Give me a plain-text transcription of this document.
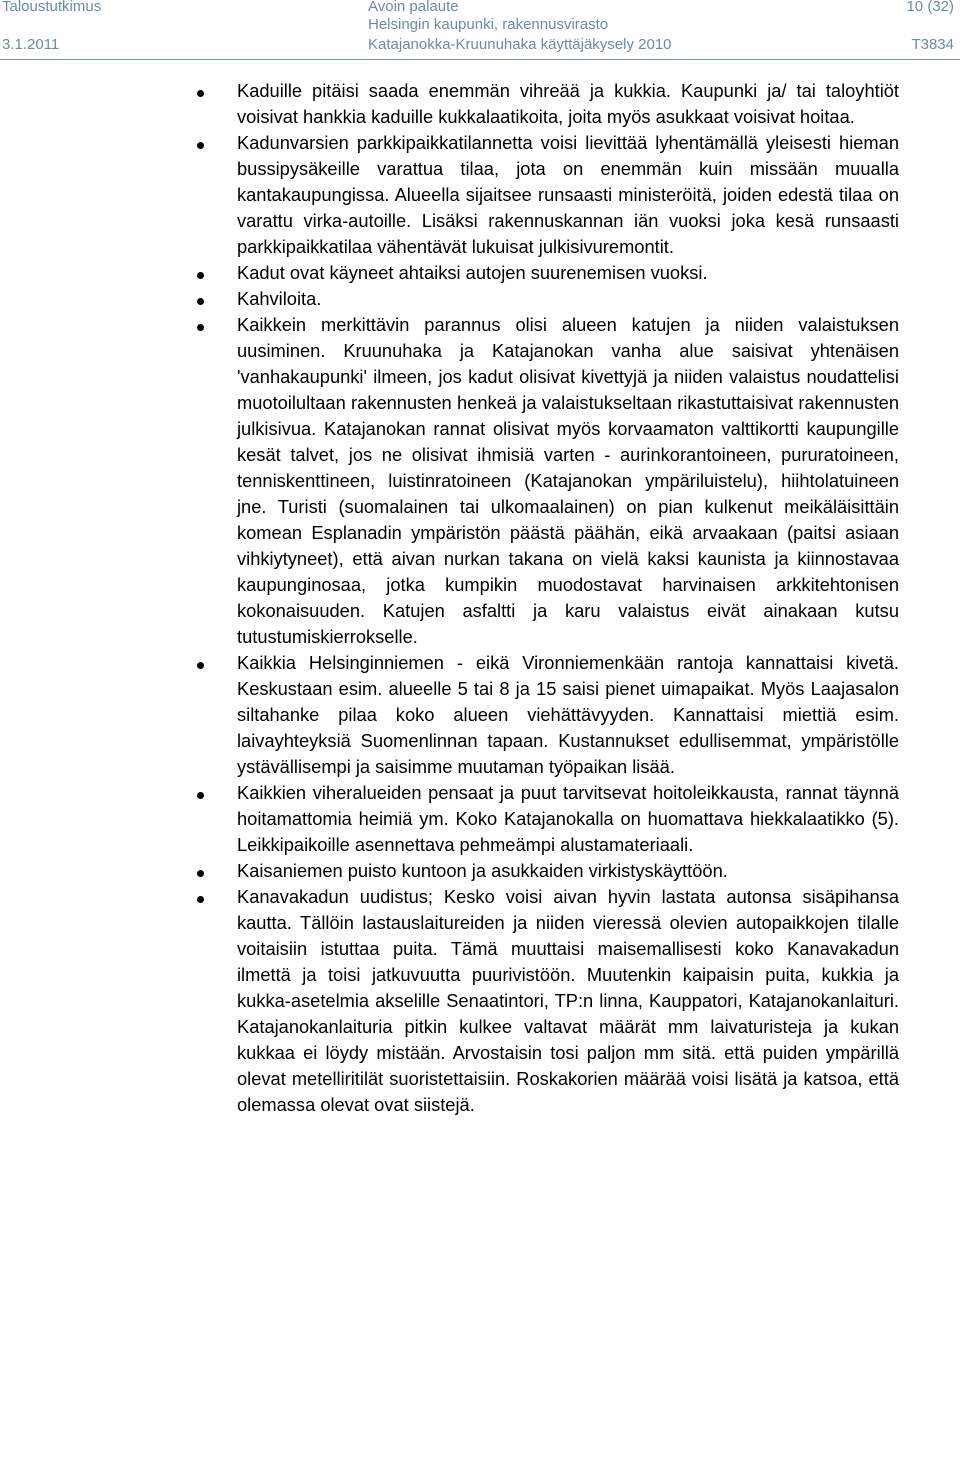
Taloustutkimus	Avoin palaute	10 (32)
Helsingin kaupunki, rakennusvirasto
3.1.2011	Katajanokka-Kruunuhaka käyttäjäkysely 2010	T3834
Kaduille pitäisi saada enemmän vihreää ja kukkia. Kaupunki ja/ tai taloyhtiöt voisivat hankkia kaduille kukkalaatikoita, joita myös asukkaat voisivat hoitaa.
Kadunvarsien parkkipaikkatilannetta voisi lievittää lyhentämällä yleisesti hieman bussipysäkeille varattua tilaa, jota on enemmän kuin missään muualla kantakaupungissa. Alueella sijaitsee runsaasti ministeröitä, joiden edestä tilaa on varattu virka-autoille. Lisäksi rakennuskannan iän vuoksi joka kesä runsaasti parkkipaikkatilaa vähentävät lukuisat julkisivuremontit.
Kadut ovat käyneet ahtaiksi autojen suurenemisen vuoksi.
Kahviloita.
Kaikkein merkittävin parannus olisi alueen katujen ja niiden valaistuksen uusiminen. Kruunuhaka ja Katajanokan vanha alue saisivat yhtenäisen 'vanhakaupunki' ilmeen, jos kadut olisivat kivettyjä ja niiden valaistus noudattelisi muotoilultaan rakennusten henkeä ja valaistukseltaan rikastuttaisivat rakennusten julkisivua. Katajanokan rannat olisivat myös korvaamaton valttikortti kaupungille kesät talvet, jos ne olisivat ihmisiä varten - aurinkorantoineen, pururatoineen, tenniskenttineen, luistinratoineen (Katajanokan ympäriluistelu), hiihtolatuineen jne. Turisti (suomalainen tai ulkomaalainen) on pian kulkenut meikäläisittäin komean Esplanadin ympäristön päästä päähän, eikä arvaakaan (paitsi asiaan vihkiytyneet), että aivan nurkan takana on vielä kaksi kaunista ja kiinnostavaa kaupunginosaa, jotka kumpikin muodostavat harvinaisen arkkitehtonisen kokonaisuuden. Katujen asfaltti ja karu valaistus eivät ainakaan kutsu tutustumiskierrokselle.
Kaikkia Helsinginniemen - eikä Vironniemenkään rantoja kannattaisi kivetä. Keskustaan esim. alueelle 5 tai 8 ja 15 saisi pienet uimapaikat. Myös Laajasalon siltahanke pilaa koko alueen viehättävyyden. Kannattaisi miettiä esim. laivayhteyksiä Suomenlinnan tapaan. Kustannukset edullisemmat, ympäristölle ystävällisempi ja saisimme muutaman työpaikan lisää.
Kaikkien viheralueiden pensaat ja puut tarvitsevat hoitoleikkausta, rannat täynnä hoitamattomia heimiä ym. Koko Katajanokalla on huomattava hiekkalaatikko (5). Leikkipaikoille asennettava pehmeämpi alustamateriaali.
Kaisaniemen puisto kuntoon ja asukkaiden virkistyskäyttöön.
Kanavakadun uudistus; Kesko voisi aivan hyvin lastata autonsa sisäpihansa kautta. Tällöin lastauslaitureiden ja niiden vieressä olevien autopaikkojen tilalle voitaisiin istuttaa puita. Tämä muuttaisi maisemallisesti koko Kanavakadun ilmettä ja toisi jatkuvuutta puurivistöön. Muutenkin kaipaisin puita, kukkia ja kukka-asetelmia akselille Senaatintori, TP:n linna, Kauppatori, Katajanokanlaituri. Katajanokanlaituria pitkin kulkee valtavat määrät mm laivaturisteja ja kukan kukkaa ei löydy mistään. Arvostaisin tosi paljon mm sitä. että puiden ympärillä olevat metelliritilät suoristettaisiin. Roskakorien määrää voisi lisätä ja katsoa, että olemassa olevat ovat siistejä.
